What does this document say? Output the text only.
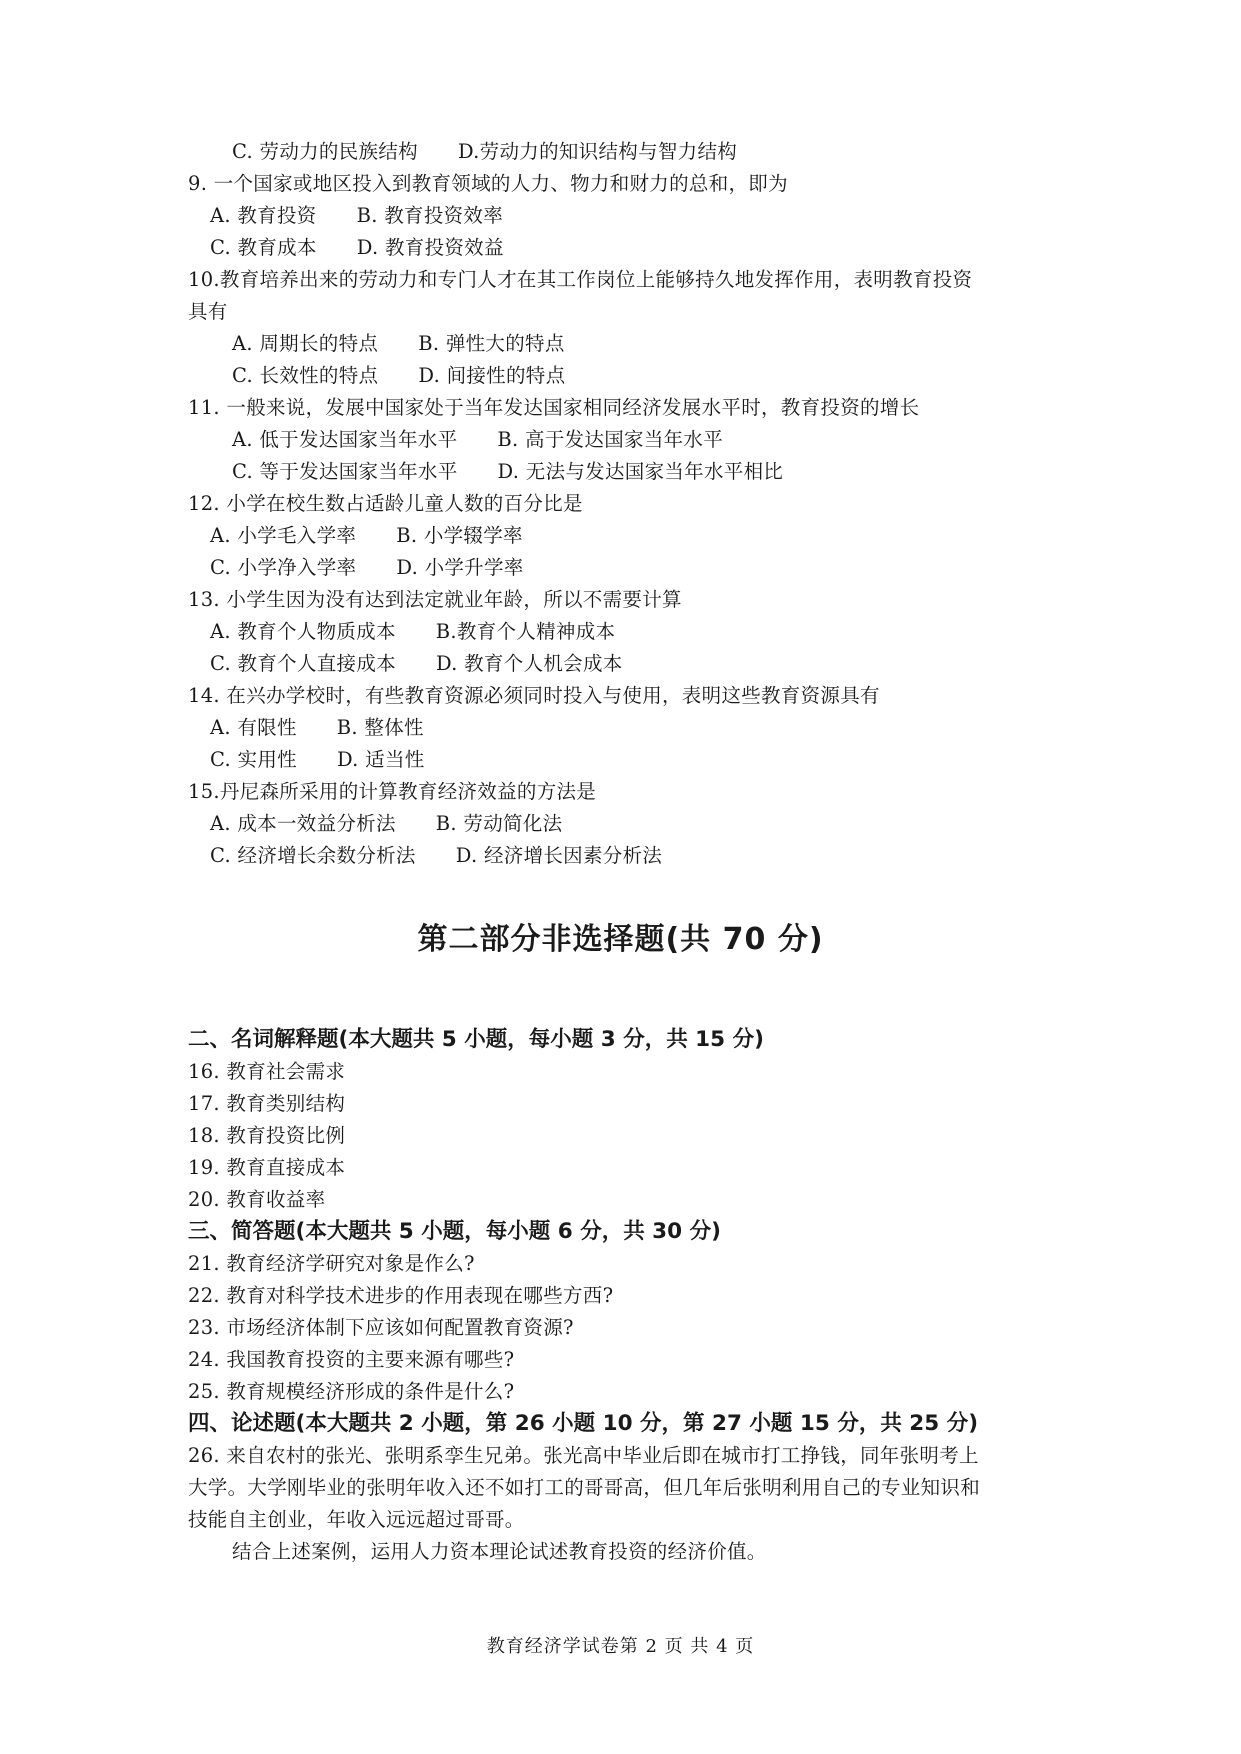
C. 劳动力的民族结构 D.劳动力的知识结构与智力结构
9. 一个国家或地区投入到教育领域的人力、物力和财力的总和，即为
A. 教育投资 B. 教育投资效率
C. 教育成本 D. 教育投资效益
10.教育培养出来的劳动力和专门人才在其工作岗位上能够持久地发挥作用，表明教育投资
具有
A. 周期长的特点 B. 弹性大的特点
C. 长效性的特点 D. 间接性的特点
11. 一般来说，发展中国家处于当年发达国家相同经济发展水平时，教育投资的增长
A. 低于发达国家当年水平 B. 高于发达国家当年水平
C. 等于发达国家当年水平 D. 无法与发达国家当年水平相比
12. 小学在校生数占适龄儿童人数的百分比是
A. 小学毛入学率 B. 小学辍学率
C. 小学净入学率 D. 小学升学率
13. 小学生因为没有达到法定就业年龄，所以不需要计算
A. 教育个人物质成本 B.教育个人精神成本
C. 教育个人直接成本 D. 教育个人机会成本
14. 在兴办学校时，有些教育资源必须同时投入与使用，表明这些教育资源具有
A. 有限性 B. 整体性
C. 实用性 D. 适当性
15.丹尼森所采用的计算教育经济效益的方法是
A. 成本一效益分析法 B. 劳动简化法
C. 经济增长余数分析法 D. 经济增长因素分析法
第二部分非选择题(共 70 分)
二、名词解释题(本大题共 5 小题，每小题 3 分，共 15 分)
16. 教育社会需求
17. 教育类别结构
18. 教育投资比例
19. 教育直接成本
20. 教育收益率
三、简答题(本大题共 5 小题，每小题 6 分，共 30 分)
21. 教育经济学研究对象是作么?
22. 教育对科学技术进步的作用表现在哪些方西?
23. 市场经济体制下应该如何配置教育资源?
24. 我国教育投资的主要来源有哪些?
25. 教育规模经济形成的条件是什么?
四、论述题(本大题共 2 小题，第 26 小题 10 分，第 27 小题 15 分，共 25 分)
26. 来自农村的张光、张明系孪生兄弟。张光高中毕业后即在城市打工挣钱，同年张明考上
大学。大学刚毕业的张明年收入还不如打工的哥哥高，但几年后张明利用自己的专业知识和
技能自主创业，年收入远远超过哥哥。
结合上述案例，运用人力资本理论试述教育投资的经济价值。
教育经济学试卷第 2 页 共 4 页
